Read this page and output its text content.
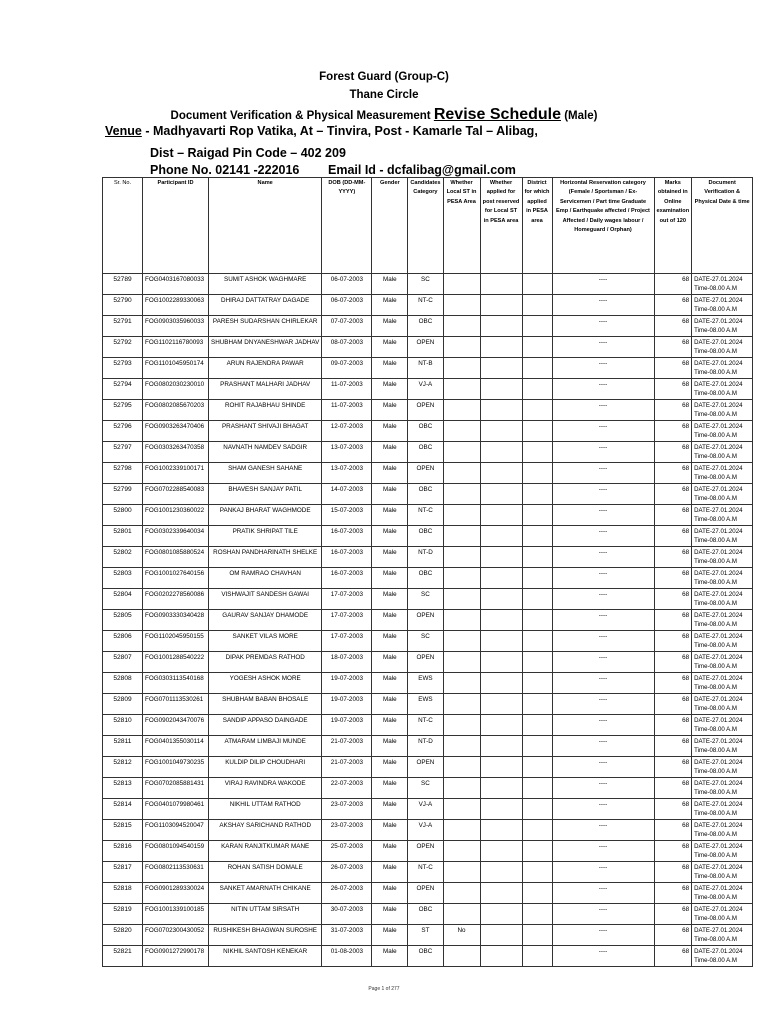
Forest Guard (Group-C)
Thane Circle
Document Verification & Physical Measurement Revise Schedule (Male)
Venue - Madhyavarti Rop Vatika, At – Tinvira, Post - Kamarle Tal – Alibag,
Dist – Raigad Pin Code – 402 209
Phone No. 02141 -222016 Email Id - dcfalibag@gmail.com
Sr. No.	Participant ID	Name	DOB (DD-MM-YYYY)	Gender	Candidates Category	Whether Local ST in PESA Area	Whether applied for post reserved for Local ST in PESA area	District for which applied in PESA area	Horizontal Reservation category (Female / Sportsman / Ex-Servicemen / Part time Graduate Emp / Earthquake affected / Project Affected / Daily wages labour / Homeguard / Orphan)	Marks obtained in Online examination out of 120	Document Verification & Physical Date & time
52789	FOG0403167080033	SUMIT ASHOK WAGHMARE	06-07-2003	Male	SC				----	68	DATE-27.01.2024
Time-08.00 A.M

52790	FOG1002289330063	DHIRAJ DATTATRAY DAGADE	06-07-2003	Male	NT-C				----	68	DATE-27.01.2024
Time-08.00 A.M

52791	FOG0903035960033	PARESH SUDARSHAN CHIRLEKAR	07-07-2003	Male	OBC				----	68	DATE-27.01.2024
Time-08.00 A.M

52792	FOG1102116780093	SHUBHAM DNYANESHWAR JADHAV	08-07-2003	Male	OPEN				----	68	DATE-27.01.2024
Time-08.00 A.M

52793	FOG1101045950174	ARUN RAJENDRA PAWAR	09-07-2003	Male	NT-B				----	68	DATE-27.01.2024
Time-08.00 A.M

52794	FOG0802030230010	PRASHANT MALHARI JADHAV	11-07-2003	Male	VJ-A				----	68	DATE-27.01.2024
Time-08.00 A.M

52795	FOG0802085670203	ROHIT RAJABHAU SHINDE	11-07-2003	Male	OPEN				----	68	DATE-27.01.2024
Time-08.00 A.M

52796	FOG0903263470406	PRASHANT SHIVAJI BHAGAT	12-07-2003	Male	OBC				----	68	DATE-27.01.2024
Time-08.00 A.M

52797	FOG0303263470358	NAVNATH NAMDEV SADGIR	13-07-2003	Male	OBC				----	68	DATE-27.01.2024
Time-08.00 A.M

52798	FOG1002339100171	SHAM GANESH SAHANE	13-07-2003	Male	OPEN				----	68	DATE-27.01.2024
Time-08.00 A.M

52799	FOG0702288540083	BHAVESH SANJAY PATIL	14-07-2003	Male	OBC				----	68	DATE-27.01.2024
Time-08.00 A.M

52800	FOG1001230360022	PANKAJ BHARAT WAGHMODE	15-07-2003	Male	NT-C				----	68	DATE-27.01.2024
Time-08.00 A.M

52801	FOG0302339640034	PRATIK SHRIPAT TILE	16-07-2003	Male	OBC				----	68	DATE-27.01.2024
Time-08.00 A.M

52802	FOG0801085880524	ROSHAN PANDHARINATH SHELKE	16-07-2003	Male	NT-D				----	68	DATE-27.01.2024
Time-08.00 A.M

52803	FOG1001027640156	OM RAMRAO CHAVHAN	16-07-2003	Male	OBC				----	68	DATE-27.01.2024
Time-08.00 A.M

52804	FOG0202278560086	VISHWAJIT SANDESH GAWAI	17-07-2003	Male	SC				----	68	DATE-27.01.2024
Time-08.00 A.M

52805	FOG0903330340428	GAURAV SANJAY DHAMODE	17-07-2003	Male	OPEN				----	68	DATE-27.01.2024
Time-08.00 A.M

52806	FOG1102045950155	SANKET VILAS MORE	17-07-2003	Male	SC				----	68	DATE-27.01.2024
Time-08.00 A.M

52807	FOG1001288540222	DIPAK PREMDAS RATHOD	18-07-2003	Male	OPEN				----	68	DATE-27.01.2024
Time-08.00 A.M

52808	FOG0303113540168	YOGESH ASHOK MORE	19-07-2003	Male	EWS				----	68	DATE-27.01.2024
Time-08.00 A.M

52809	FOG0701113530261	SHUBHAM BABAN BHOSALE	19-07-2003	Male	EWS				----	68	DATE-27.01.2024
Time-08.00 A.M

52810	FOG0902043470076	SANDIP APPASO DAINGADE	19-07-2003	Male	NT-C				----	68	DATE-27.01.2024
Time-08.00 A.M

52811	FOG0401355030114	ATMARAM LIMBAJI MUNDE	21-07-2003	Male	NT-D				----	68	DATE-27.01.2024
Time-08.00 A.M

52812	FOG1001049730235	KULDIP DILIP CHOUDHARI	21-07-2003	Male	OPEN				----	68	DATE-27.01.2024
Time-08.00 A.M

52813	FOG0702085881431	VIRAJ RAVINDRA WAKODE	22-07-2003	Male	SC				----	68	DATE-27.01.2024
Time-08.00 A.M

52814	FOG0401079980461	NIKHIL UTTAM RATHOD	23-07-2003	Male	VJ-A				----	68	DATE-27.01.2024
Time-08.00 A.M

52815	FOG1103094520047	AKSHAY SARICHAND RATHOD	23-07-2003	Male	VJ-A				----	68	DATE-27.01.2024
Time-08.00 A.M

52816	FOG0801094540159	KARAN RANJITKUMAR MANE	25-07-2003	Male	OPEN				----	68	DATE-27.01.2024
Time-08.00 A.M

52817	FOG0802113530631	ROHAN SATISH DOMALE	26-07-2003	Male	NT-C				----	68	DATE-27.01.2024
Time-08.00 A.M

52818	FOG0901289330024	SANKET AMARNATH CHIKANE	26-07-2003	Male	OPEN				----	68	DATE-27.01.2024
Time-08.00 A.M

52819	FOG1001339100185	NITIN UTTAM SIRSATH	30-07-2003	Male	OBC				----	68	DATE-27.01.2024
Time-08.00 A.M

52820	FOG0702300430052	RUSHIKESH BHAGWAN SUROSHE	31-07-2003	Male	ST	No			----	68	DATE-27.01.2024
Time-08.00 A.M

52821	FOG0901272990178	NIKHIL SANTOSH KENEKAR	01-08-2003	Male	OBC				----	68	DATE-27.01.2024
Time-08.00 A.M
Page 1 of 277
